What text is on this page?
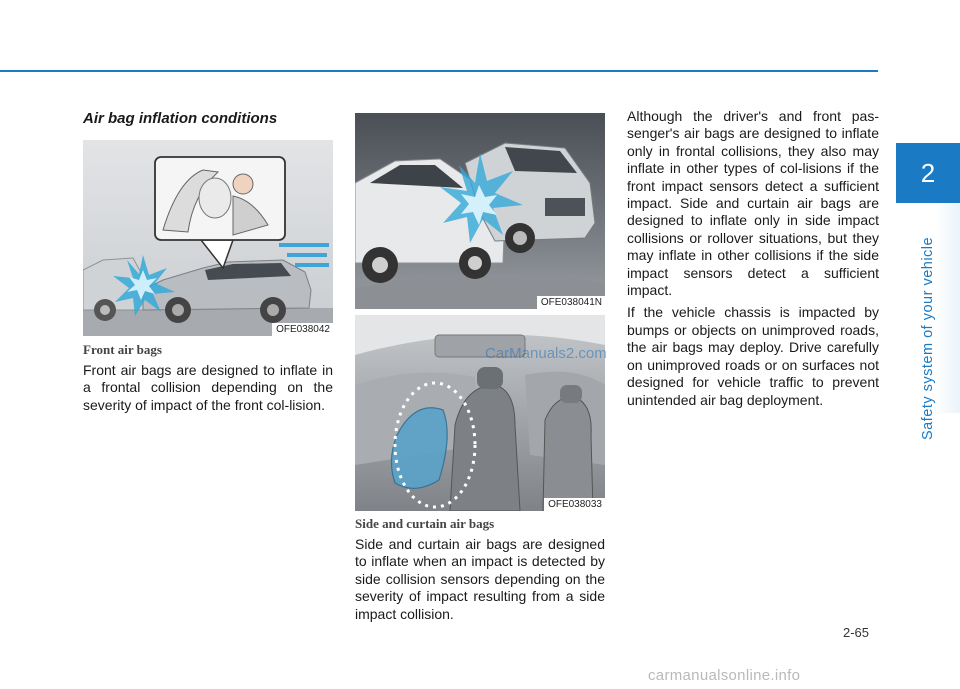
2
Safety system of your vehicle
Air bag inflation conditions
OFE038042
Front air bags

Front air bags are designed to inflate in a frontal collision depending on the severity of impact of the front col-lision.

OFE038041N
OFE038033
CarManuals2.com
Side and curtain air bags

Side and curtain air bags are designed to inflate when an impact is detected by side collision sensors depending on the severity of impact resulting from a side impact collision.

Although the driver's and front pas-senger's air bags are designed to inflate only in frontal collisions, they also may inflate in other types of col-lisions if the front impact sensors detect a sufficient impact. Side and curtain air bags are designed to inflate only in side impact collisions or rollover situations, but they may inflate in other collisions if the side impact sensors detect a sufficient impact.

If the vehicle chassis is impacted by bumps or objects on unimproved roads, the air bags may deploy. Drive carefully on unimproved roads or on surfaces not designed for vehicle traffic to prevent unintended air bag deployment.

2-65
carmanualsonline.info
